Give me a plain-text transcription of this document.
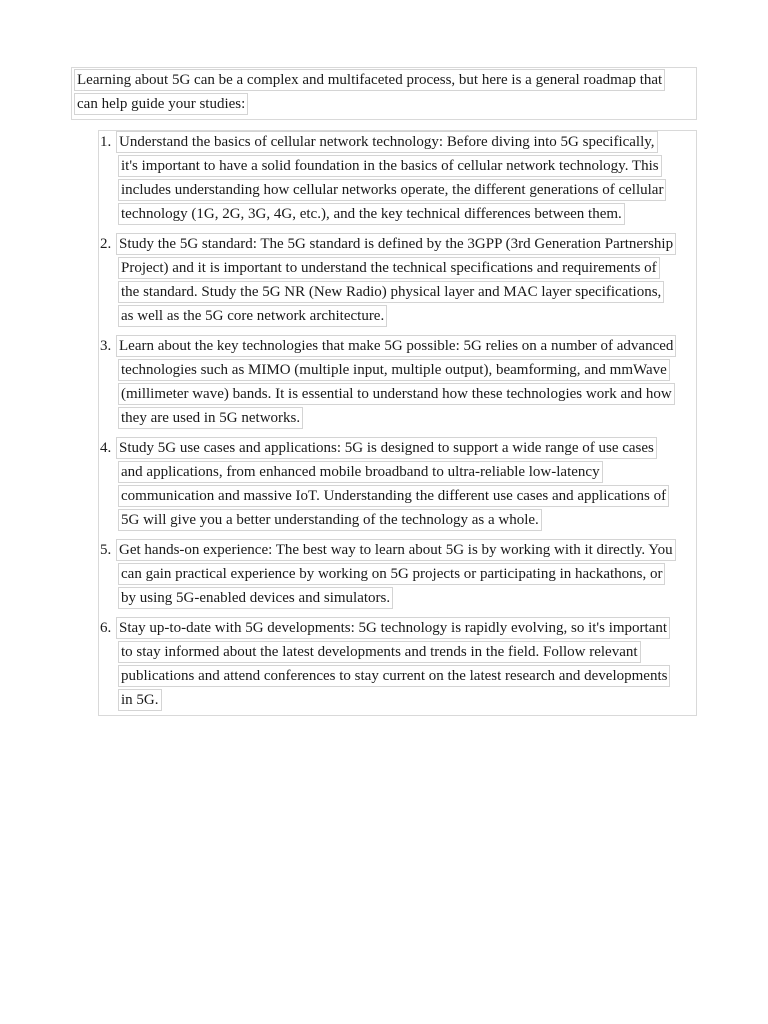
Learning about 5G can be a complex and multifaceted process, but here is a general roadmap that
can help guide your studies:
1. Understand the basics of cellular network technology: Before diving into 5G specifically,
it's important to have a solid foundation in the basics of cellular network technology. This
includes understanding how cellular networks operate, the different generations of cellular
technology (1G, 2G, 3G, 4G, etc.), and the key technical differences between them.
2. Study the 5G standard: The 5G standard is defined by the 3GPP (3rd Generation Partnership
Project) and it is important to understand the technical specifications and requirements of
the standard. Study the 5G NR (New Radio) physical layer and MAC layer specifications,
as well as the 5G core network architecture.
3. Learn about the key technologies that make 5G possible: 5G relies on a number of advanced
technologies such as MIMO (multiple input, multiple output), beamforming, and mmWave
(millimeter wave) bands. It is essential to understand how these technologies work and how
they are used in 5G networks.
4. Study 5G use cases and applications: 5G is designed to support a wide range of use cases
and applications, from enhanced mobile broadband to ultra-reliable low-latency
communication and massive IoT. Understanding the different use cases and applications of
5G will give you a better understanding of the technology as a whole.
5. Get hands-on experience: The best way to learn about 5G is by working with it directly. You
can gain practical experience by working on 5G projects or participating in hackathons, or
by using 5G-enabled devices and simulators.
6. Stay up-to-date with 5G developments: 5G technology is rapidly evolving, so it's important
to stay informed about the latest developments and trends in the field. Follow relevant
publications and attend conferences to stay current on the latest research and developments
in 5G.
